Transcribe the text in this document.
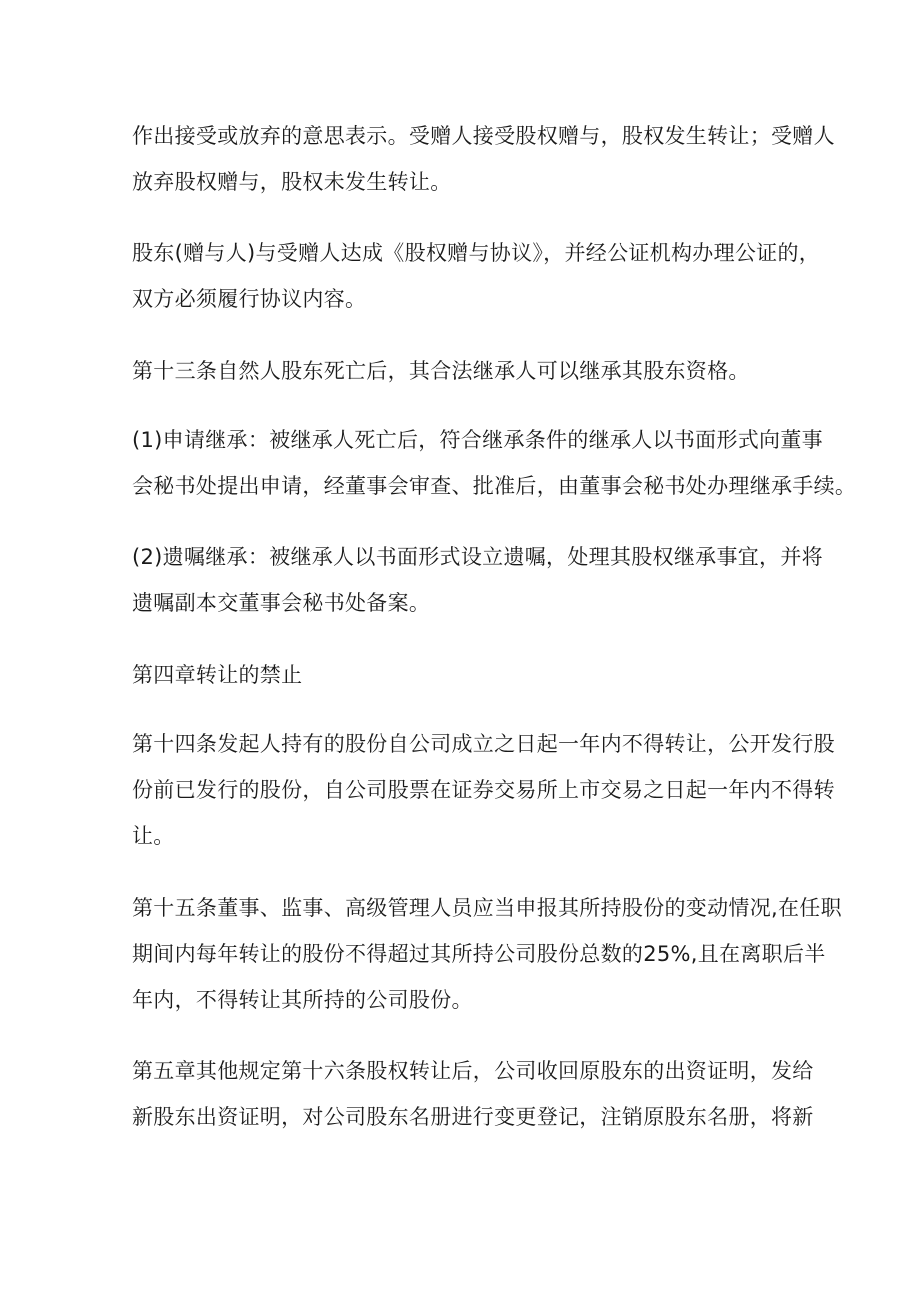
作出接受或放弃的意思表示。受赠人接受股权赠与，股权发生转让；受赠人
放弃股权赠与，股权未发生转让。

股东(赠与人)与受赠人达成《股权赠与协议》，并经公证机构办理公证的，
双方必须履行协议内容。

第十三条自然人股东死亡后，其合法继承人可以继承其股东资格。

(1)申请继承：被继承人死亡后，符合继承条件的继承人以书面形式向董事
会秘书处提出申请，经董事会审查、批准后，由董事会秘书处办理继承手续。

(2)遗嘱继承：被继承人以书面形式设立遗嘱，处理其股权继承事宜，并将
遗嘱副本交董事会秘书处备案。

第四章转让的禁止

第十四条发起人持有的股份自公司成立之日起一年内不得转让，公开发行股
份前已发行的股份，自公司股票在证券交易所上市交易之日起一年内不得转
让。

第十五条董事、监事、高级管理人员应当申报其所持股份的变动情况,在任职
期间内每年转让的股份不得超过其所持公司股份总数的25%,且在离职后半
年内，不得转让其所持的公司股份。

第五章其他规定第十六条股权转让后，公司收回原股东的出资证明，发给
新股东出资证明，对公司股东名册进行变更登记，注销原股东名册，将新
